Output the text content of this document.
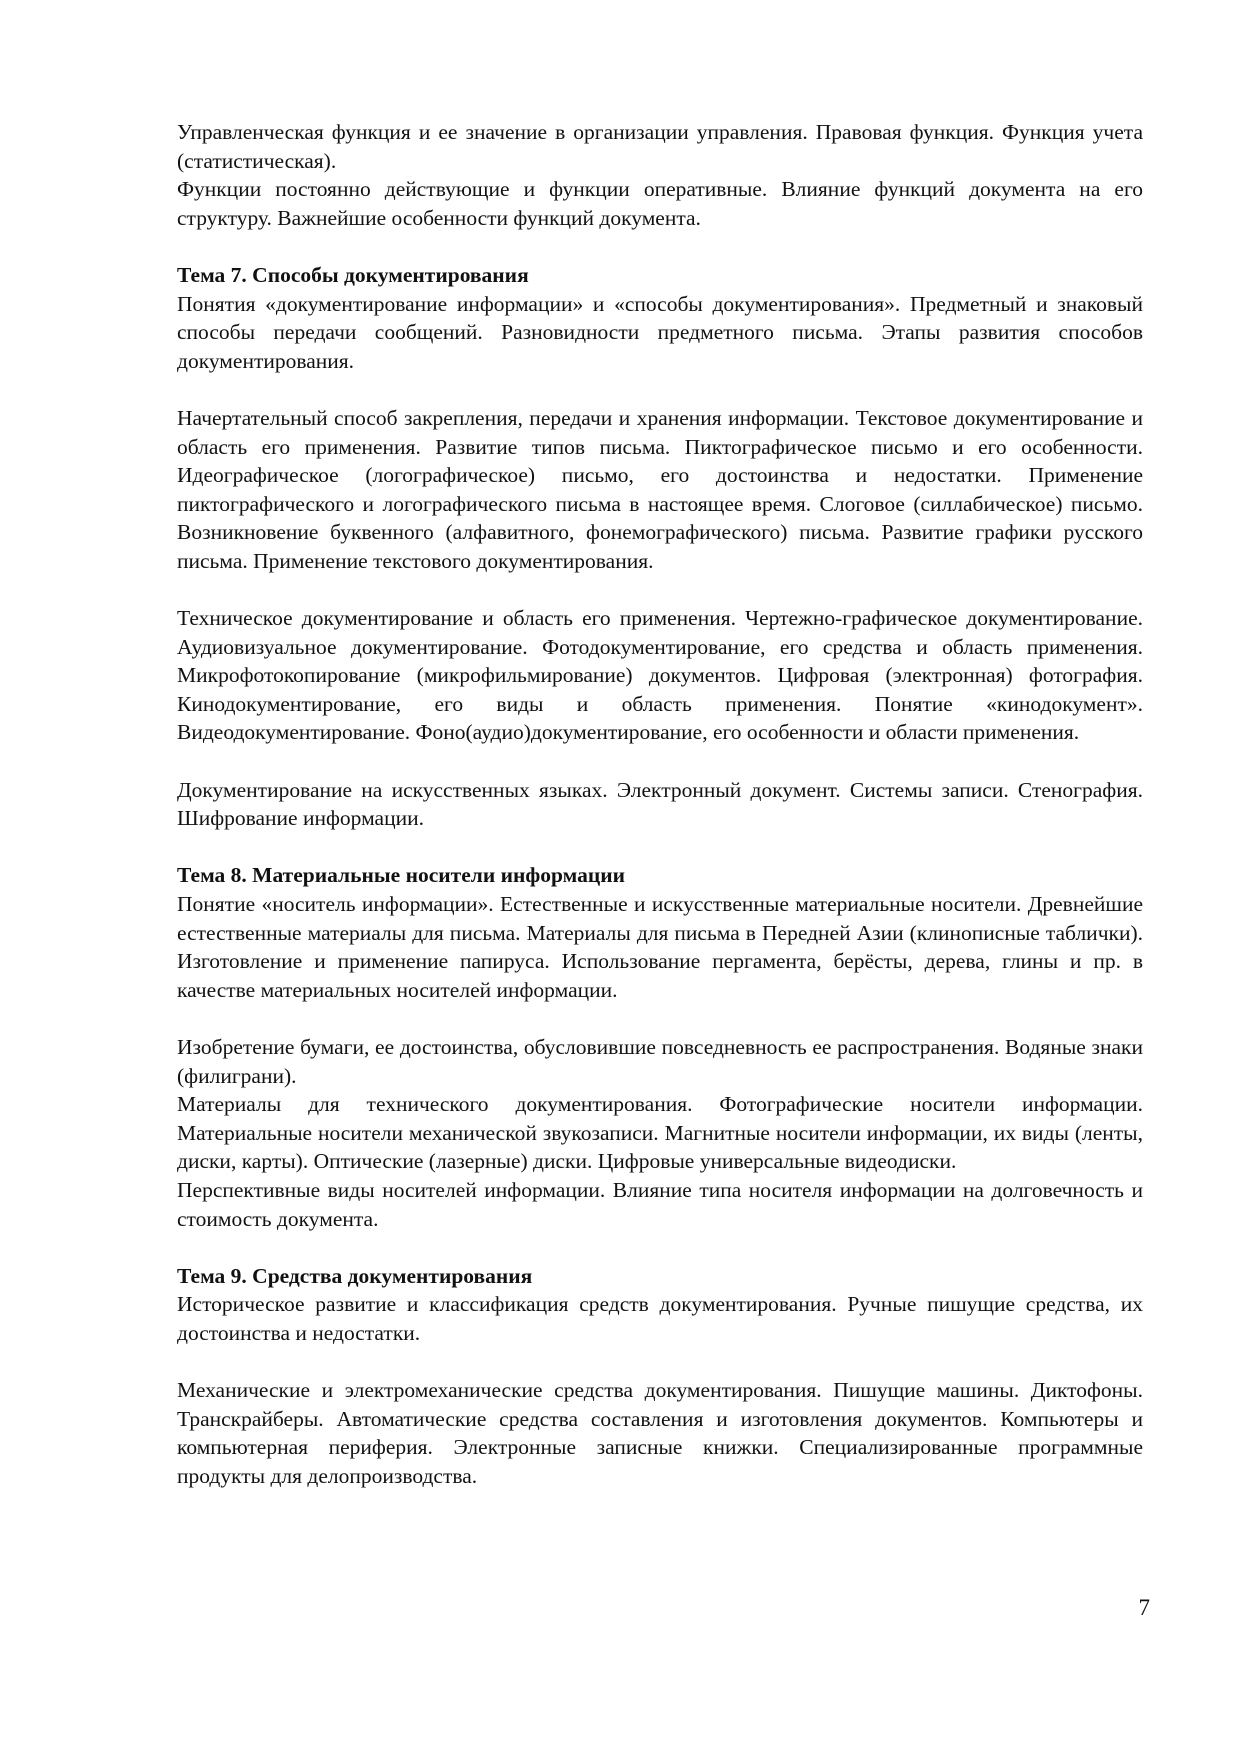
Управленческая функция и ее значение в организации управления. Правовая функция. Функция учета (статистическая).

Функции постоянно действующие и функции оперативные. Влияние функций документа на его структуру. Важнейшие особенности функций документа.

Тема 7. Способы документирования

Понятия «документирование информации» и «способы документирования». Предметный и знаковый способы передачи сообщений. Разновидности предметного письма. Этапы развития способов документирования.

Начертательный способ закрепления, передачи и хранения информации. Текстовое документирование и область его применения. Развитие типов письма. Пиктографическое письмо и его особенности. Идеографическое (логографическое) письмо, его достоинства и недостатки. Применение пиктографического и логографического письма в настоящее время. Слоговое (силлабическое) письмо. Возникновение буквенного (алфавитного, фонемографического) письма. Развитие графики русского письма. Применение текстового документирования.

Техническое документирование и область его применения. Чертежно-графическое документирование. Аудиовизуальное документирование. Фотодокументирование, его средства и область применения. Микрофотокопирование (микрофильмирование) документов. Цифровая (электронная) фотография. Кинодокументирование, его виды и область применения. Понятие «кинодокумент». Видеодокументирование. Фоно(аудио)документирование, его особенности и области применения.

Документирование на искусственных языках. Электронный документ. Системы записи. Стенография. Шифрование информации.

Тема 8. Материальные носители информации

Понятие «носитель информации». Естественные и искусственные материальные носители. Древнейшие естественные материалы для письма. Материалы для письма в Передней Азии (клинописные таблички). Изготовление и применение папируса. Использование пергамента, берёсты, дерева, глины и пр. в качестве материальных носителей информации.

Изобретение бумаги, ее достоинства, обусловившие повседневность ее распространения. Водяные знаки (филиграни).

Материалы для технического документирования. Фотографические носители информации. Материальные носители механической звукозаписи. Магнитные носители информации, их виды (ленты, диски, карты). Оптические (лазерные) диски. Цифровые универсальные видеодиски.

Перспективные виды носителей информации. Влияние типа носителя информации на долговечность и стоимость документа.

Тема 9. Средства документирования

Историческое развитие и классификация средств документирования. Ручные пишущие средства, их достоинства и недостатки.

Механические и электромеханические средства документирования. Пишущие машины. Диктофоны. Транскрайберы. Автоматические средства составления и изготовления документов. Компьютеры и компьютерная периферия. Электронные записные книжки. Специализированные программные продукты для делопроизводства.

7
